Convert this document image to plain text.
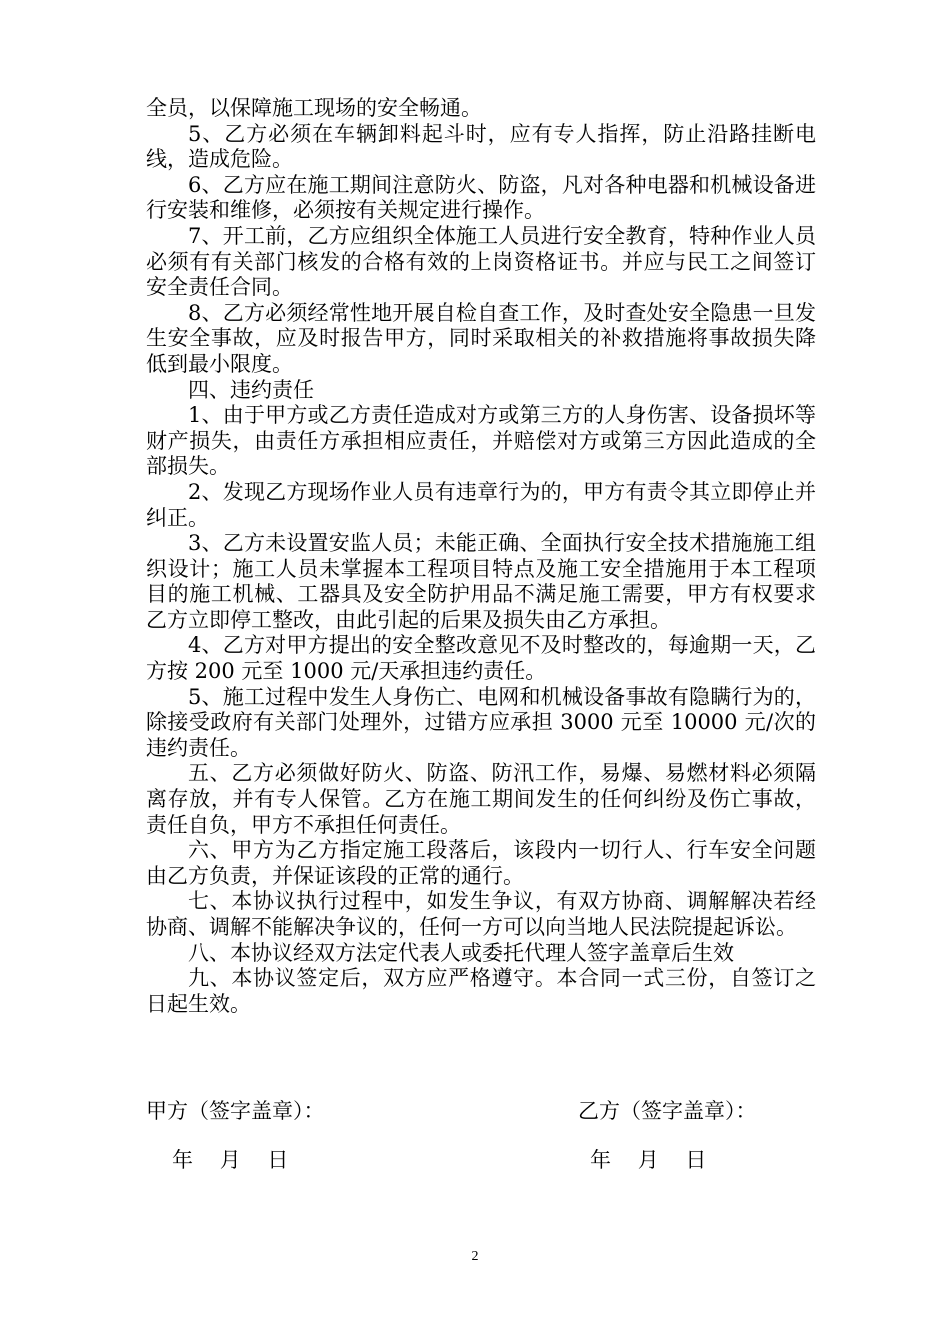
全员，以保障施工现场的安全畅通。

5、乙方必须在车辆卸料起斗时，应有专人指挥，防止沿路挂断电线，造成危险。

6、乙方应在施工期间注意防火、防盗，凡对各种电器和机械设备进行安装和维修，必须按有关规定进行操作。

7、开工前，乙方应组织全体施工人员进行安全教育，特种作业人员必须有有关部门核发的合格有效的上岗资格证书。并应与民工之间签订安全责任合同。

8、乙方必须经常性地开展自检自查工作，及时查处安全隐患一旦发生安全事故，应及时报告甲方，同时采取相关的补救措施将事故损失降低到最小限度。

四、违约责任

1、由于甲方或乙方责任造成对方或第三方的人身伤害、设备损坏等财产损失，由责任方承担相应责任，并赔偿对方或第三方因此造成的全部损失。

2、发现乙方现场作业人员有违章行为的，甲方有责令其立即停止并纠正。

3、乙方未设置安监人员；未能正确、全面执行安全技术措施施工组织设计；施工人员未掌握本工程项目特点及施工安全措施用于本工程项目的施工机械、工器具及安全防护用品不满足施工需要，甲方有权要求乙方立即停工整改，由此引起的后果及损失由乙方承担。

4、乙方对甲方提出的安全整改意见不及时整改的，每逾期一天，乙方按 200 元至 1000 元/天承担违约责任。

5、施工过程中发生人身伤亡、电网和机械设备事故有隐瞒行为的，除接受政府有关部门处理外，过错方应承担 3000 元至 10000 元/次的违约责任。

五、乙方必须做好防火、防盗、防汛工作，易爆、易燃材料必须隔离存放，并有专人保管。乙方在施工期间发生的任何纠纷及伤亡事故，责任自负，甲方不承担任何责任。

六、甲方为乙方指定施工段落后，该段内一切行人、行车安全问题由乙方负责，并保证该段的正常的通行。

七、本协议执行过程中，如发生争议，有双方协商、调解解决若经协商、调解不能解决争议的，任何一方可以向当地人民法院提起诉讼。

八、本协议经双方法定代表人或委托代理人签字盖章后生效

九、本协议签定后，双方应严格遵守。本合同一式三份，自签订之日起生效。

甲方（签字盖章）：	乙方（签字盖章）：
年    月    日	年    月    日
2
